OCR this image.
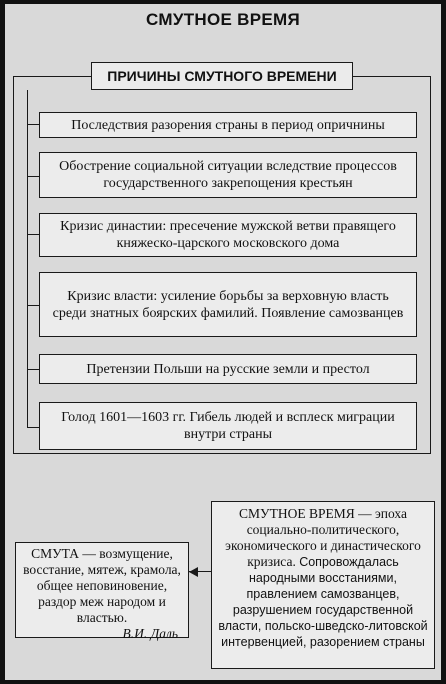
СМУТНОЕ ВРЕМЯ
ПРИЧИНЫ СМУТНОГО ВРЕМЕНИ
Последствия разорения страны в период опричнины
Обострение социальной ситуации вследствие процессов государственного закрепощения крестьян
Кризис династии: пресечение мужской ветви правящего княжеско-царского московского дома
Кризис власти: усиление борьбы за верховную власть среди знатных боярских фамилий. Появление самозванцев
Претензии Польши на русские земли и престол
Голод 1601—1603 гг. Гибель людей и всплеск миграции внутри страны
СМУТА — возмущение, восстание, мятеж, крамола, общее неповиновение, раздор меж народом и властью.
В.И. Даль
СМУТНОЕ ВРЕМЯ — эпоха социально-политического, экономического и династического кризиса. Сопровождалась народными восстаниями, правлением самозванцев, разрушением государственной власти, польско-шведско-литовской интервенцией, разорением страны
